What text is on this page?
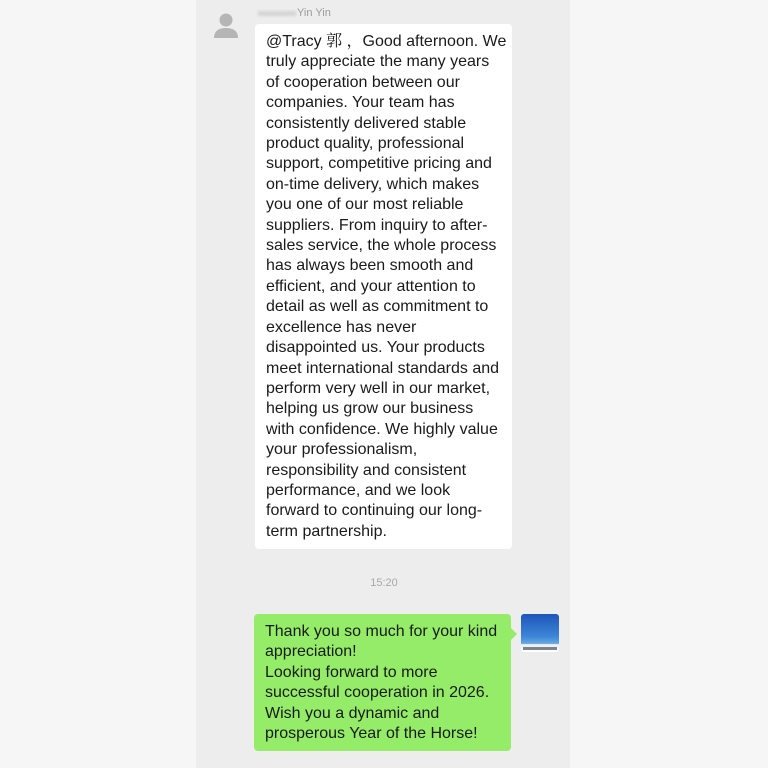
Yin Yin
@Tracy 郭 ，Good afternoon. We
truly appreciate the many years
of cooperation between our
companies. Your team has
consistently delivered stable
product quality, professional
support, competitive pricing and
on-time delivery, which makes
you one of our most reliable
suppliers. From inquiry to after-
sales service, the whole process
has always been smooth and
efficient, and your attention to
detail as well as commitment to
excellence has never
disappointed us. Your products
meet international standards and
perform very well in our market,
helping us grow our business
with confidence. We highly value
your professionalism,
responsibility and consistent
performance, and we look
forward to continuing our long-
term partnership.
15:20
Thank you so much for your kind
appreciation!
Looking forward to more
successful cooperation in 2026.
Wish you a dynamic and
prosperous Year of the Horse!
